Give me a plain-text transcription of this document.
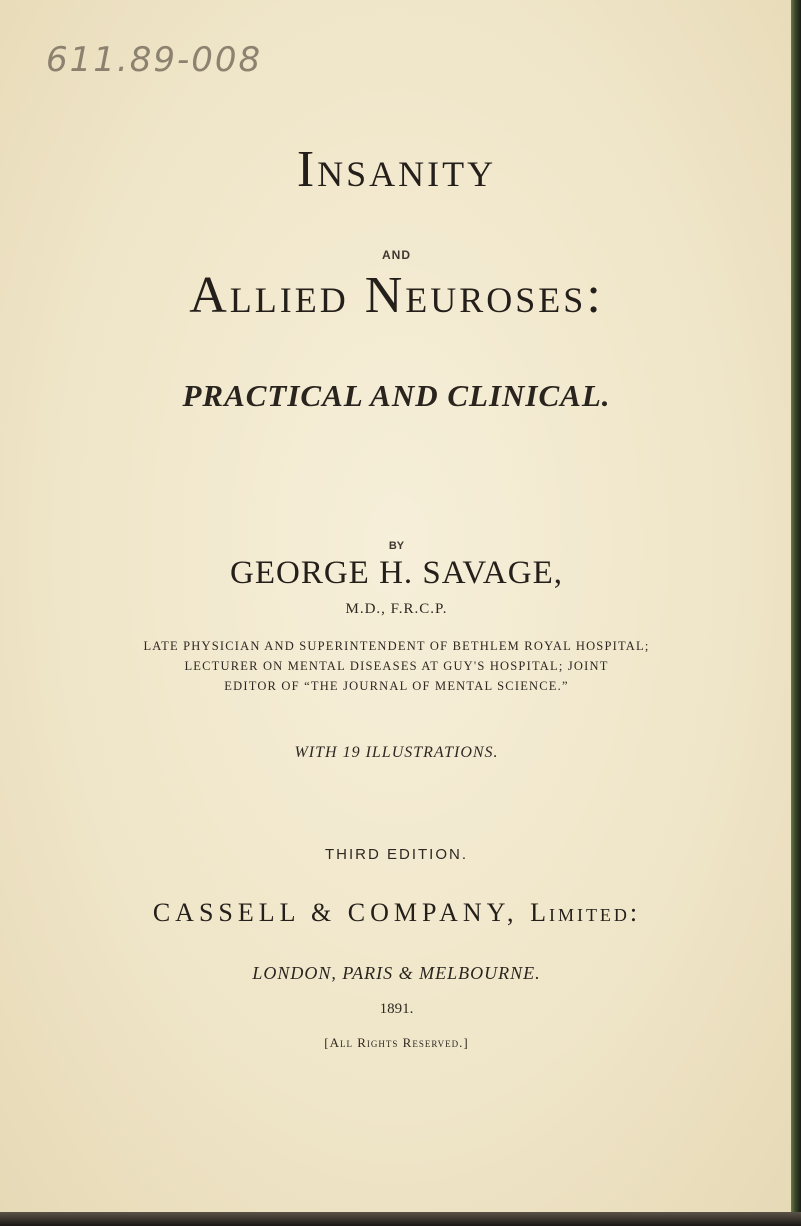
611.89-008
Insanity
AND
Allied Neuroses:
PRACTICAL AND CLINICAL.
BY
GEORGE H. SAVAGE,
M.D., F.R.C.P.
LATE PHYSICIAN AND SUPERINTENDENT OF BETHLEM ROYAL HOSPITAL;
LECTURER ON MENTAL DISEASES AT GUY'S HOSPITAL; JOINT
EDITOR OF “THE JOURNAL OF MENTAL SCIENCE.”
WITH 19 ILLUSTRATIONS.
THIRD EDITION.
CASSELL & COMPANY, Limited:
LONDON, PARIS & MELBOURNE.
1891.
[All Rights Reserved.]
